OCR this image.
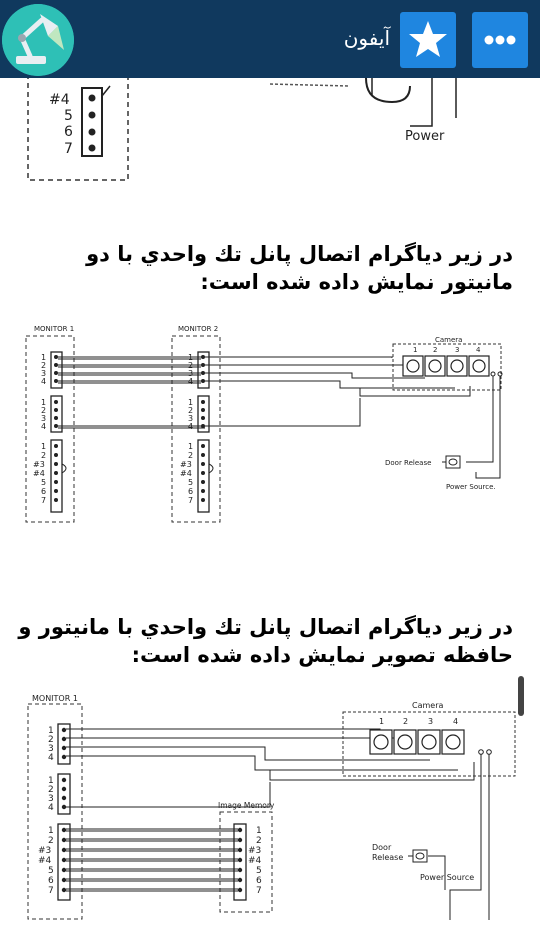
آیفون
#4
5
6
7
Power
در زير دياگرام اتصال پانل تك واحدي با دو مانيتور نمايش داده شده است:
MONITOR 1	MONITOR 2
1
2
3
4
1
2
3
4
1
2
#3
#4
5
6
7
1
2
3
4
1
2
3
4
1
2
#3
#4
5
6
7
Camera
1 2	3 4
Door Release
Power Source.
در زير دياگرام اتصال پانل تك واحدي با مانيتور و حافظه تصوير نمايش داده شده است:
MONITOR 1
1
2
3
4
1
2
3
4
1
2
#3
#4
5
6
7
Image Memory
1
2
#3
#4
5
6
7
Camera
1 2 3 4
Door
Release
Power Source
